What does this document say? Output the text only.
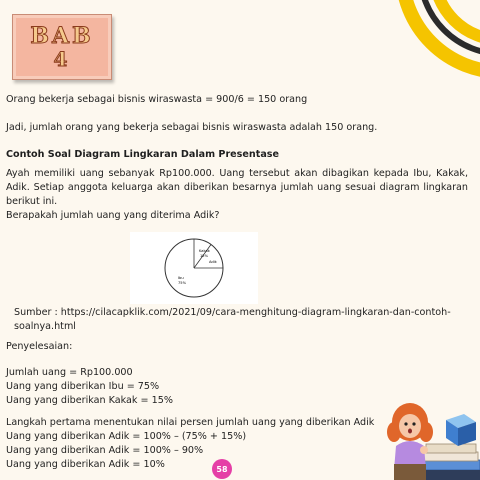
BAB
4
Orang bekerja sebagai bisnis wiraswasta = 900/6 = 150 orang
Jadi, jumlah orang yang bekerja sebagai bisnis wiraswasta adalah 150 orang.
Contoh Soal Diagram Lingkaran Dalam Presentase
Ayah memiliki uang sebanyak Rp100.000. Uang tersebut akan dibagikan kepada Ibu, Kakak, Adik. Setiap anggota keluarga akan diberikan besarnya jumlah uang sesuai diagram lingkaran berikut ini.
Berapakah jumlah uang yang diterima Adik?
Kakak
15%
Adik
Ibu
75%
Sumber : https://cilacapklik.com/2021/09/cara-menghitung-diagram-lingkaran-dan-contoh-soalnya.html
Penyelesaian:
Jumlah uang = Rp100.000
Uang yang diberikan Ibu = 75%
Uang yang diberikan Kakak = 15%
Langkah pertama menentukan nilai persen jumlah uang yang diberikan Adik
Uang yang diberikan Adik = 100% – (75% + 15%)
Uang yang diberikan Adik = 100% – 90%
Uang yang diberikan Adik = 10%	58
